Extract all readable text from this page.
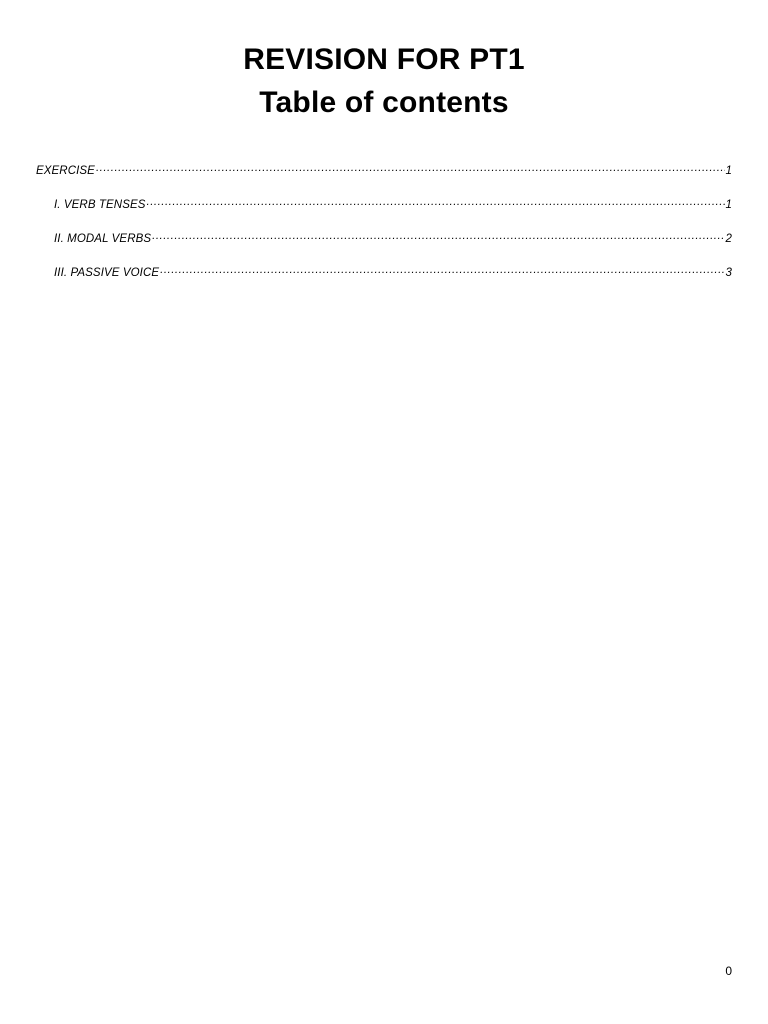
REVISION FOR PT1
Table of contents
EXERCISE .....	1
I. VERB TENSES .....	1
II. MODAL VERBS .....	2
III. PASSIVE VOICE .....	3
0
